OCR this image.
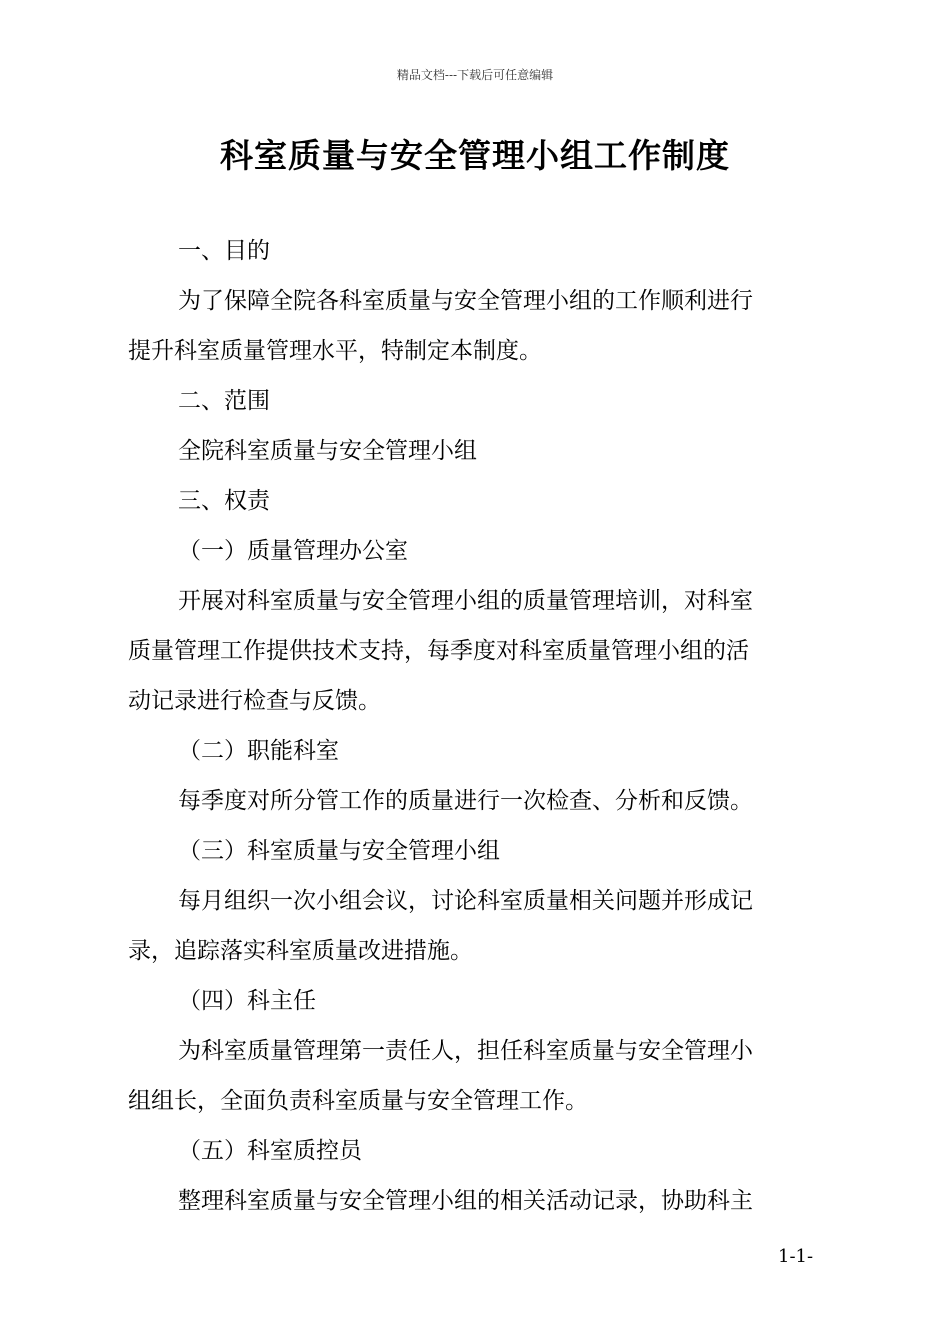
精品文档---下载后可任意编辑
科室质量与安全管理小组工作制度
一、目的
为了保障全院各科室质量与安全管理小组的工作顺利进行
提升科室质量管理水平，特制定本制度。
二、范围
全院科室质量与安全管理小组
三、权责
（一）质量管理办公室
开展对科室质量与安全管理小组的质量管理培训，对科室
质量管理工作提供技术支持，每季度对科室质量管理小组的活
动记录进行检查与反馈。
（二）职能科室
每季度对所分管工作的质量进行一次检查、分析和反馈。
（三）科室质量与安全管理小组
每月组织一次小组会议，讨论科室质量相关问题并形成记
录，追踪落实科室质量改进措施。
（四）科主任
为科室质量管理第一责任人，担任科室质量与安全管理小
组组长，全面负责科室质量与安全管理工作。
（五）科室质控员
整理科室质量与安全管理小组的相关活动记录，协助科主
1-1-
